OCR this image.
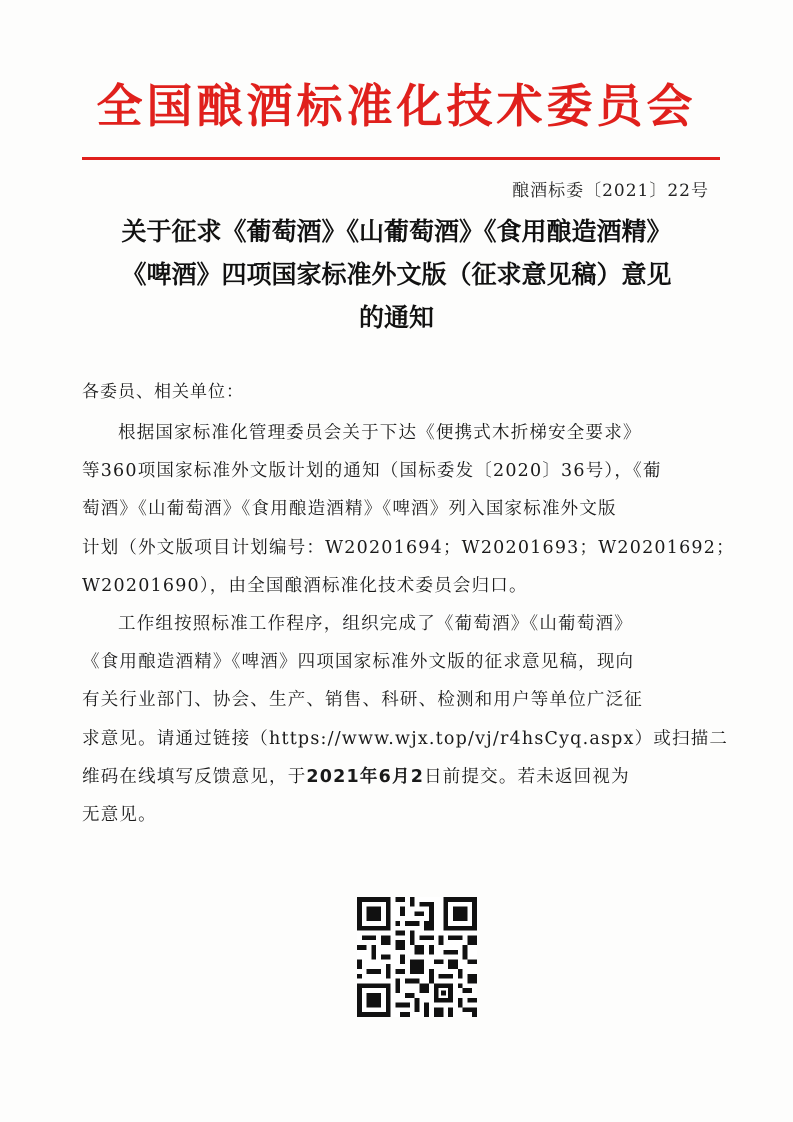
全国酿酒标准化技术委员会
酿酒标委〔2021〕22号
关于征求《葡萄酒》《山葡萄酒》《食用酿造酒精》
《啤酒》四项国家标准外文版（征求意见稿）意见
的通知
各委员、相关单位：
根据国家标准化管理委员会关于下达《便携式木折梯安全要求》
等360项国家标准外文版计划的通知（国标委发〔2020〕36号），《葡
萄酒》《山葡萄酒》《食用酿造酒精》《啤酒》列入国家标准外文版
计划（外文版项目计划编号：W20201694；W20201693；W20201692；
W20201690），由全国酿酒标准化技术委员会归口。
工作组按照标准工作程序，组织完成了《葡萄酒》《山葡萄酒》
《食用酿造酒精》《啤酒》四项国家标准外文版的征求意见稿，现向
有关行业部门、协会、生产、销售、科研、检测和用户等单位广泛征
求意见。请通过链接（https://www.wjx.top/vj/r4hsCyq.aspx）或扫描二
维码在线填写反馈意见，于2021年6月2日前提交。若未返回视为
无意见。
